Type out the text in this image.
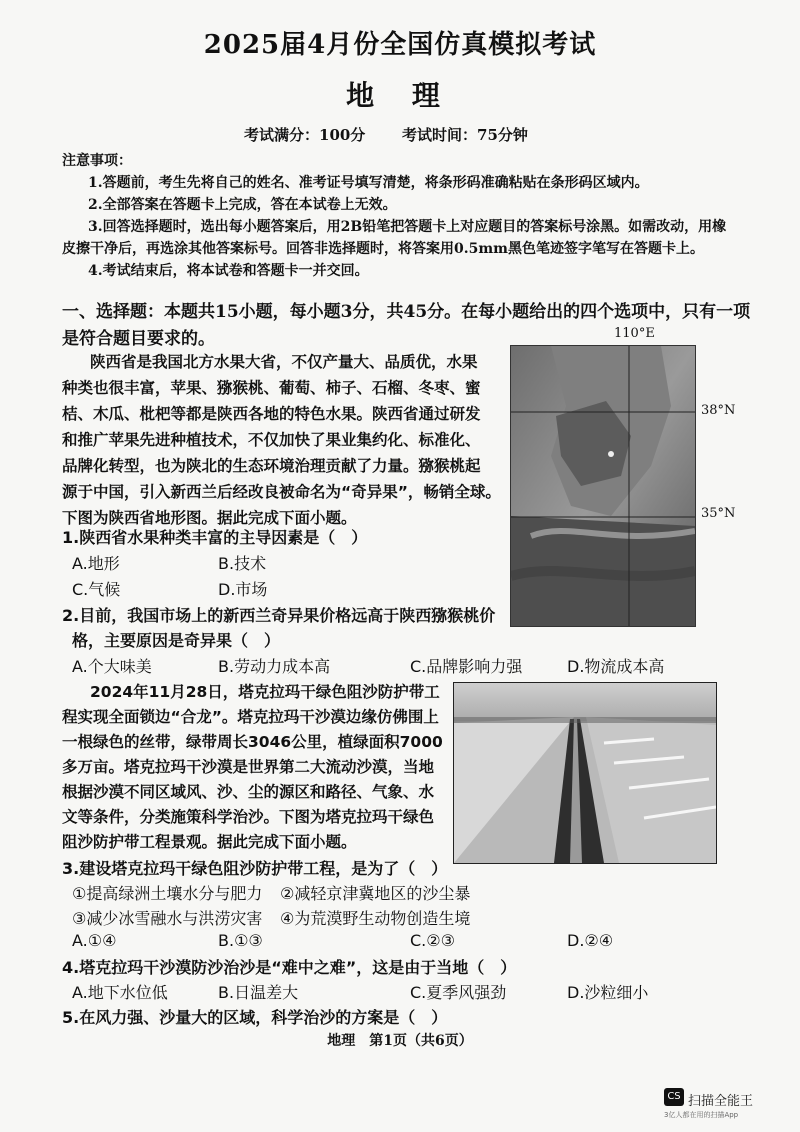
2025届4月份全国仿真模拟考试
地 理
考试满分：100分 考试时间：75分钟
注意事项：
1.答题前，考生先将自己的姓名、准考证号填写清楚，将条形码准确粘贴在条形码区域内。
2.全部答案在答题卡上完成，答在本试卷上无效。
3.回答选择题时，选出每小题答案后，用2B铅笔把答题卡上对应题目的答案标号涂黑。如需改动，用橡
皮擦干净后，再选涂其他答案标号。回答非选择题时，将答案用0.5mm黑色笔迹签字笔写在答题卡上。
4.考试结束后，将本试卷和答题卡一并交回。
一、选择题：本题共15小题，每小题3分，共45分。在每小题给出的四个选项中，只有一项
是符合题目要求的。
陕西省是我国北方水果大省，不仅产量大、品质优，水果
种类也很丰富，苹果、猕猴桃、葡萄、柿子、石榴、冬枣、蜜
桔、木瓜、枇杷等都是陕西各地的特色水果。陕西省通过研发
和推广苹果先进种植技术，不仅加快了果业集约化、标准化、
品牌化转型，也为陕北的生态环境治理贡献了力量。猕猴桃起
源于中国，引入新西兰后经改良被命名为“奇异果”，畅销全球。
下图为陕西省地形图。据此完成下面小题。
110°E
38°N
35°N
1.陕西省水果种类丰富的主导因素是（　）
A.地形	B.技术
C.气候	D.市场
2.目前，我国市场上的新西兰奇异果价格远高于陕西猕猴桃价
格，主要原因是奇异果（　）
A.个大味美	B.劳动力成本高	C.品牌影响力强	D.物流成本高
2024年11月28日，塔克拉玛干绿色阻沙防护带工
程实现全面锁边“合龙”。塔克拉玛干沙漠边缘仿佛围上
一根绿色的丝带，绿带周长3046公里，植绿面积7000
多万亩。塔克拉玛干沙漠是世界第二大流动沙漠，当地
根据沙漠不同区域风、沙、尘的源区和路径、气象、水
文等条件，分类施策科学治沙。下图为塔克拉玛干绿色
阻沙防护带工程景观。据此完成下面小题。
3.建设塔克拉玛干绿色阻沙防护带工程，是为了（　）
①提高绿洲土壤水分与肥力 ②减轻京津冀地区的沙尘暴
③减少冰雪融水与洪涝灾害 ④为荒漠野生动物创造生境
A.①④	B.①③	C.②③	D.②④
4.塔克拉玛干沙漠防沙治沙是“难中之难”，这是由于当地（　）
A.地下水位低	B.日温差大	C.夏季风强劲	D.沙粒细小
5.在风力强、沙量大的区域，科学治沙的方案是（　）
地理　第1页（共6页）
CS 扫描全能王
3亿人都在用的扫描App
